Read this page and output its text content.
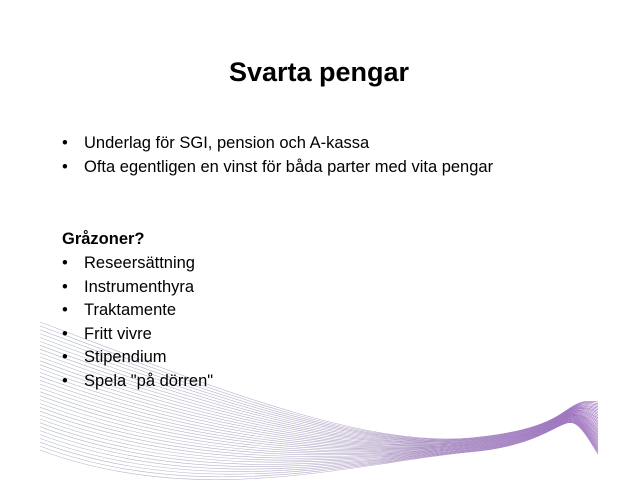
Svarta pengar
• Underlag för SGI, pension och A-kassa
• Ofta egentligen en vinst för båda parter med vita pengar

Gråzoner?

• Reseersättning
• Instrumenthyra
• Traktamente
• Fritt vivre
• Stipendium
• Spela "på dörren"
